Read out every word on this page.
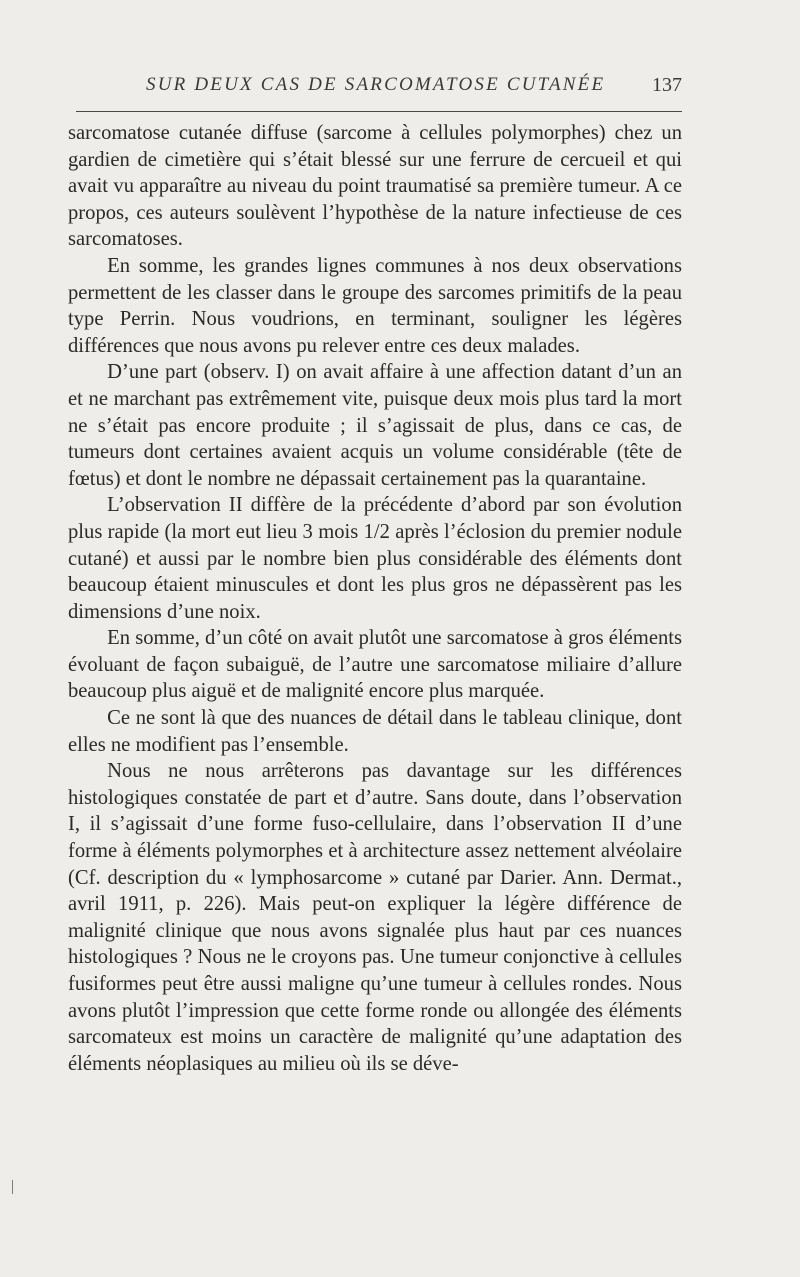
SUR DEUX CAS DE SARCOMATOSE CUTANÉE 137

sarcomatose cutanée diffuse (sarcome à cellules polymorphes) chez un gardien de cimetière qui s’était blessé sur une ferrure de cercueil et qui avait vu apparaître au niveau du point traumatisé sa première tumeur. A ce propos, ces auteurs soulèvent l’hypothèse de la nature infectieuse de ces sarcomatoses.

En somme, les grandes lignes communes à nos deux observations permettent de les classer dans le groupe des sarcomes primitifs de la peau type Perrin. Nous voudrions, en terminant, souligner les légères différences que nous avons pu relever entre ces deux malades.

D’une part (observ. I) on avait affaire à une affection datant d’un an et ne marchant pas extrêmement vite, puisque deux mois plus tard la mort ne s’était pas encore produite ; il s’agissait de plus, dans ce cas, de tumeurs dont certaines avaient acquis un volume considérable (tête de fœtus) et dont le nombre ne dépassait certainement pas la quarantaine.

L’observation II diffère de la précédente d’abord par son évolution plus rapide (la mort eut lieu 3 mois 1/2 après l’éclosion du premier nodule cutané) et aussi par le nombre bien plus considérable des éléments dont beaucoup étaient minuscules et dont les plus gros ne dépassèrent pas les dimensions d’une noix.

En somme, d’un côté on avait plutôt une sarcomatose à gros éléments évoluant de façon subaiguë, de l’autre une sarcomatose miliaire d’allure beaucoup plus aiguë et de malignité encore plus marquée.

Ce ne sont là que des nuances de détail dans le tableau clinique, dont elles ne modifient pas l’ensemble.

Nous ne nous arrêterons pas davantage sur les différences histologiques constatée de part et d’autre. Sans doute, dans l’observation I, il s’agissait d’une forme fuso-cellulaire, dans l’observation II d’une forme à éléments polymorphes et à architecture assez nettement alvéolaire (Cf. description du « lymphosarcome » cutané par Darier. Ann. Dermat., avril 1911, p. 226). Mais peut-on expliquer la légère différence de malignité clinique que nous avons signalée plus haut par ces nuances histologiques ? Nous ne le croyons pas. Une tumeur conjonctive à cellules fusiformes peut être aussi maligne qu’une tumeur à cellules rondes. Nous avons plutôt l’impression que cette forme ronde ou allongée des éléments sarcomateux est moins un caractère de malignité qu’une adaptation des éléments néoplasiques au milieu où ils se déve-
